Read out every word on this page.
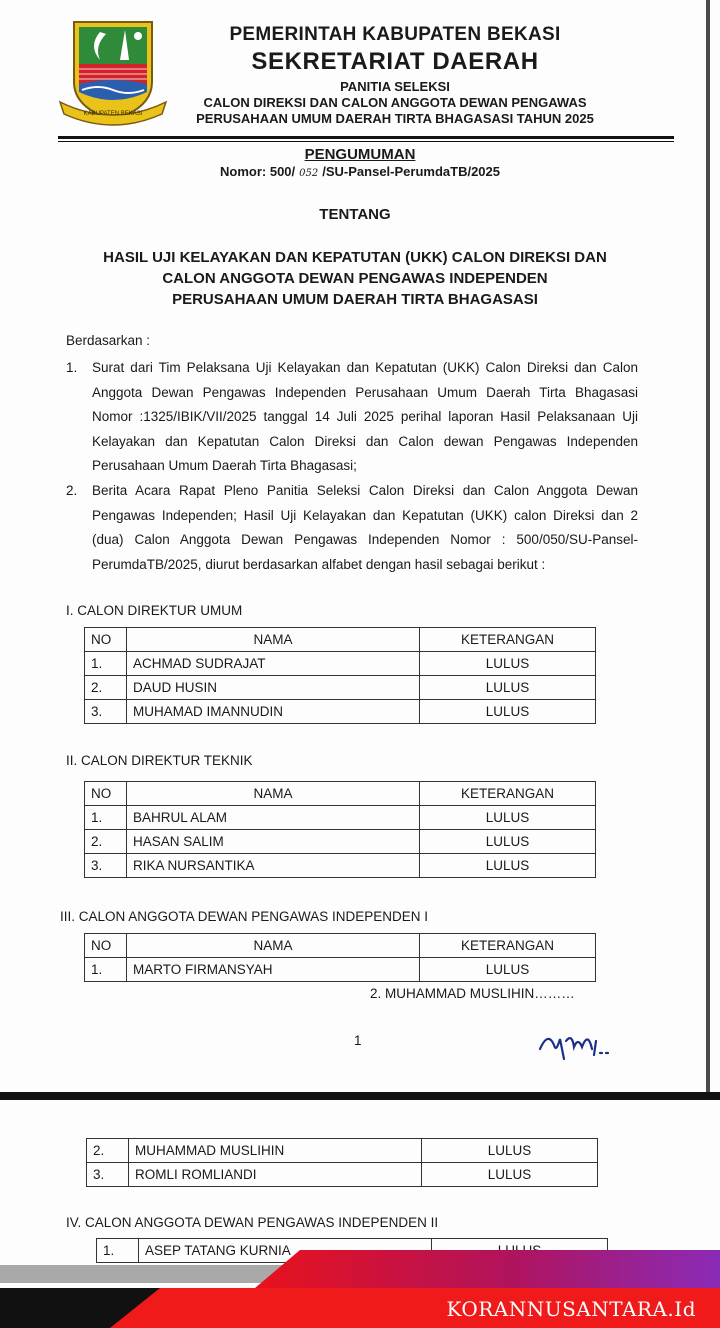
KABUPATEN BEKASI
PEMERINTAH KABUPATEN BEKASI
SEKRETARIAT DAERAH
PANITIA SELEKSI
CALON DIREKSI DAN CALON ANGGOTA DEWAN PENGAWAS
PERUSAHAAN UMUM DAERAH TIRTA BHAGASASI TAHUN 2025
PENGUMUMAN
Nomor: 500/ 052 /SU-Pansel-PerumdaTB/2025
TENTANG
HASIL UJI KELAYAKAN DAN KEPATUTAN (UKK) CALON DIREKSI DAN
CALON ANGGOTA DEWAN PENGAWAS INDEPENDEN
PERUSAHAAN UMUM DAERAH TIRTA BHAGASASI
Berdasarkan :
1. Surat dari Tim Pelaksana Uji Kelayakan dan Kepatutan (UKK) Calon Direksi dan Calon Anggota Dewan Pengawas Independen Perusahaan Umum Daerah Tirta Bhagasasi Nomor :1325/IBIK/VII/2025 tanggal 14 Juli 2025 perihal laporan Hasil Pelaksanaan Uji Kelayakan dan Kepatutan Calon Direksi dan Calon dewan Pengawas Independen Perusahaan Umum Daerah Tirta Bhagasasi;
2. Berita Acara Rapat Pleno Panitia Seleksi Calon Direksi dan Calon Anggota Dewan Pengawas Independen; Hasil Uji Kelayakan dan Kepatutan (UKK) calon Direksi dan 2 (dua) Calon Anggota Dewan Pengawas Independen Nomor : 500/050/SU-Pansel-PerumdaTB/2025, diurut berdasarkan alfabet dengan hasil sebagai berikut :
I. CALON DIREKTUR UMUM
NO	NAMA	KETERANGAN
1.	ACHMAD SUDRAJAT	LULUS
2.	DAUD HUSIN	LULUS
3.	MUHAMAD IMANNUDIN	LULUS
II. CALON DIREKTUR TEKNIK
NO	NAMA	KETERANGAN
1.	BAHRUL ALAM	LULUS
2.	HASAN SALIM	LULUS
3.	RIKA NURSANTIKA	LULUS
III. CALON ANGGOTA DEWAN PENGAWAS INDEPENDEN I
NO	NAMA	KETERANGAN
1.	MARTO FIRMANSYAH	LULUS
2. MUHAMMAD MUSLIHIN………
1
2.	MUHAMMAD MUSLIHIN	LULUS
3.	ROMLI ROMLIANDI	LULUS
IV. CALON ANGGOTA DEWAN PENGAWAS INDEPENDEN II
1.	ASEP TATANG KURNIA	
KORANNUSANTARA.Id
